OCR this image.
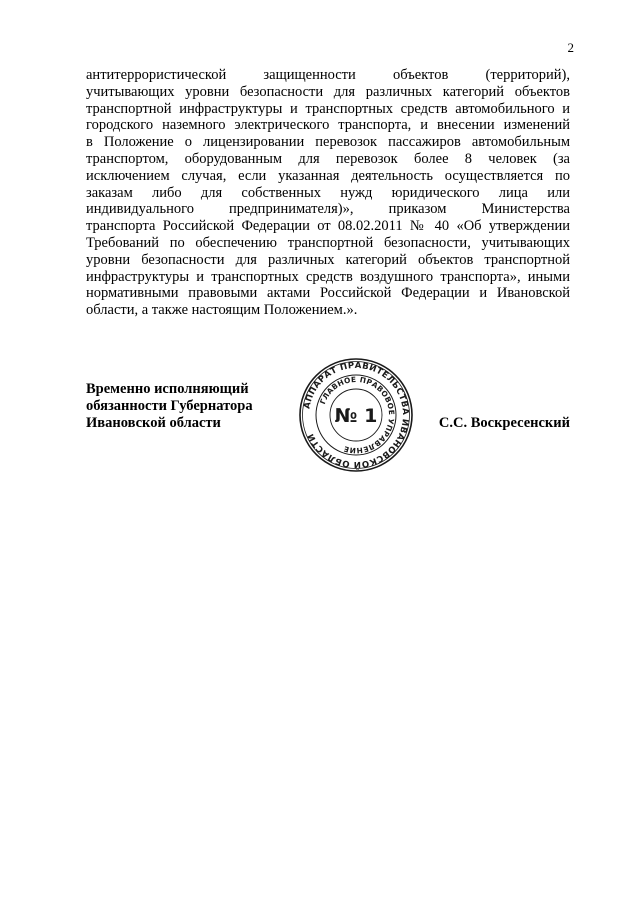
2
антитеррористической защищенности объектов (территорий),
учитывающих уровни безопасности для различных категорий объектов
транспортной инфраструктуры и транспортных средств автомобильного и
городского наземного электрического транспорта, и внесении изменений
в Положение о лицензировании перевозок пассажиров автомобильным
транспортом, оборудованным для перевозок более 8 человек (за
исключением случая, если указанная деятельность осуществляется по
заказам либо для собственных нужд юридического лица или
индивидуального предпринимателя)», приказом Министерства
транспорта Российской Федерации от 08.02.2011 № 40 «Об утверждении
Требований по обеспечению транспортной безопасности, учитывающих
уровни безопасности для различных категорий объектов транспортной
инфраструктуры и транспортных средств воздушного транспорта», иными
нормативными правовыми актами Российской Федерации и Ивановской
области, а также настоящим Положением.».
Временно исполняющий
обязанности Губернатора
Ивановской области
АППАРАТ ПРАВИТЕЛЬСТВА ИВАНОВСКОЙ ОБЛАСТИ
ГЛАВНОЕ ПРАВОВОЕ УПРАВЛЕНИЕ
№ 1	С.С. Воскресенский
